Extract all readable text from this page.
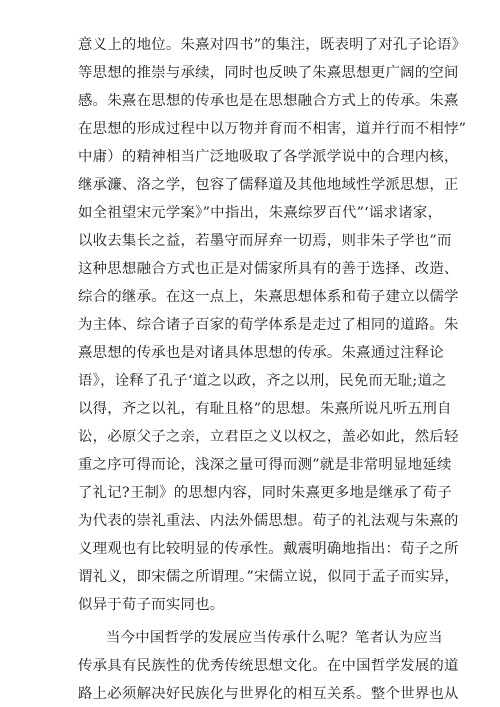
意义上的地位。朱熹对四书”的集注，既表明了对孔子论语》
等思想的推崇与承续，同时也反映了朱熹思想更广阔的空间
感。朱熹在思想的传承也是在思想融合方式上的传承。朱熹
在思想的形成过程中以万物并育而不相害，道并行而不相悖”
中庸）的精神相当广泛地吸取了各学派学说中的合理内核，
继承濂、洛之学，包容了儒释道及其他地域性学派思想，正
如全祖望宋元学案》”中指出，朱熹综罗百代”‘谣求诸家，
以收去集长之益，若墨守而屏弃一切焉，则非朱子学也”而
这种思想融合方式也正是对儒家所具有的善于选择、改造、
综合的继承。在这一点上，朱熹思想体系和荀子建立以儒学
为主体、综合诸子百家的荀学体系是走过了相同的道路。朱
熹思想的传承也是对诸具体思想的传承。朱熹通过注释论
语》，诠释了孔子‘道之以政，齐之以刑，民免而无耻;道之
以得，齐之以礼，有耻且格”的思想。朱熹所说凡听五刑自
讼，必原父子之亲，立君臣之义以权之，盖必如此，然后轻
重之序可得而论，浅深之量可得而测”就是非常明显地延续
了礼记?王制》的思想内容，同时朱熹更多地是继承了荀子
为代表的崇礼重法、内法外儒思想。荀子的礼法观与朱熹的
义理观也有比较明显的传承性。戴震明确地指出：荀子之所
谓礼义，即宋儒之所谓理。”宋儒立说，似同于孟子而实异，
似异于荀子而实同也。
当今中国哲学的发展应当传承什么呢？笔者认为应当
传承具有民族性的优秀传统思想文化。在中国哲学发展的道
路上必须解决好民族化与世界化的相互关系。整个世界也从
